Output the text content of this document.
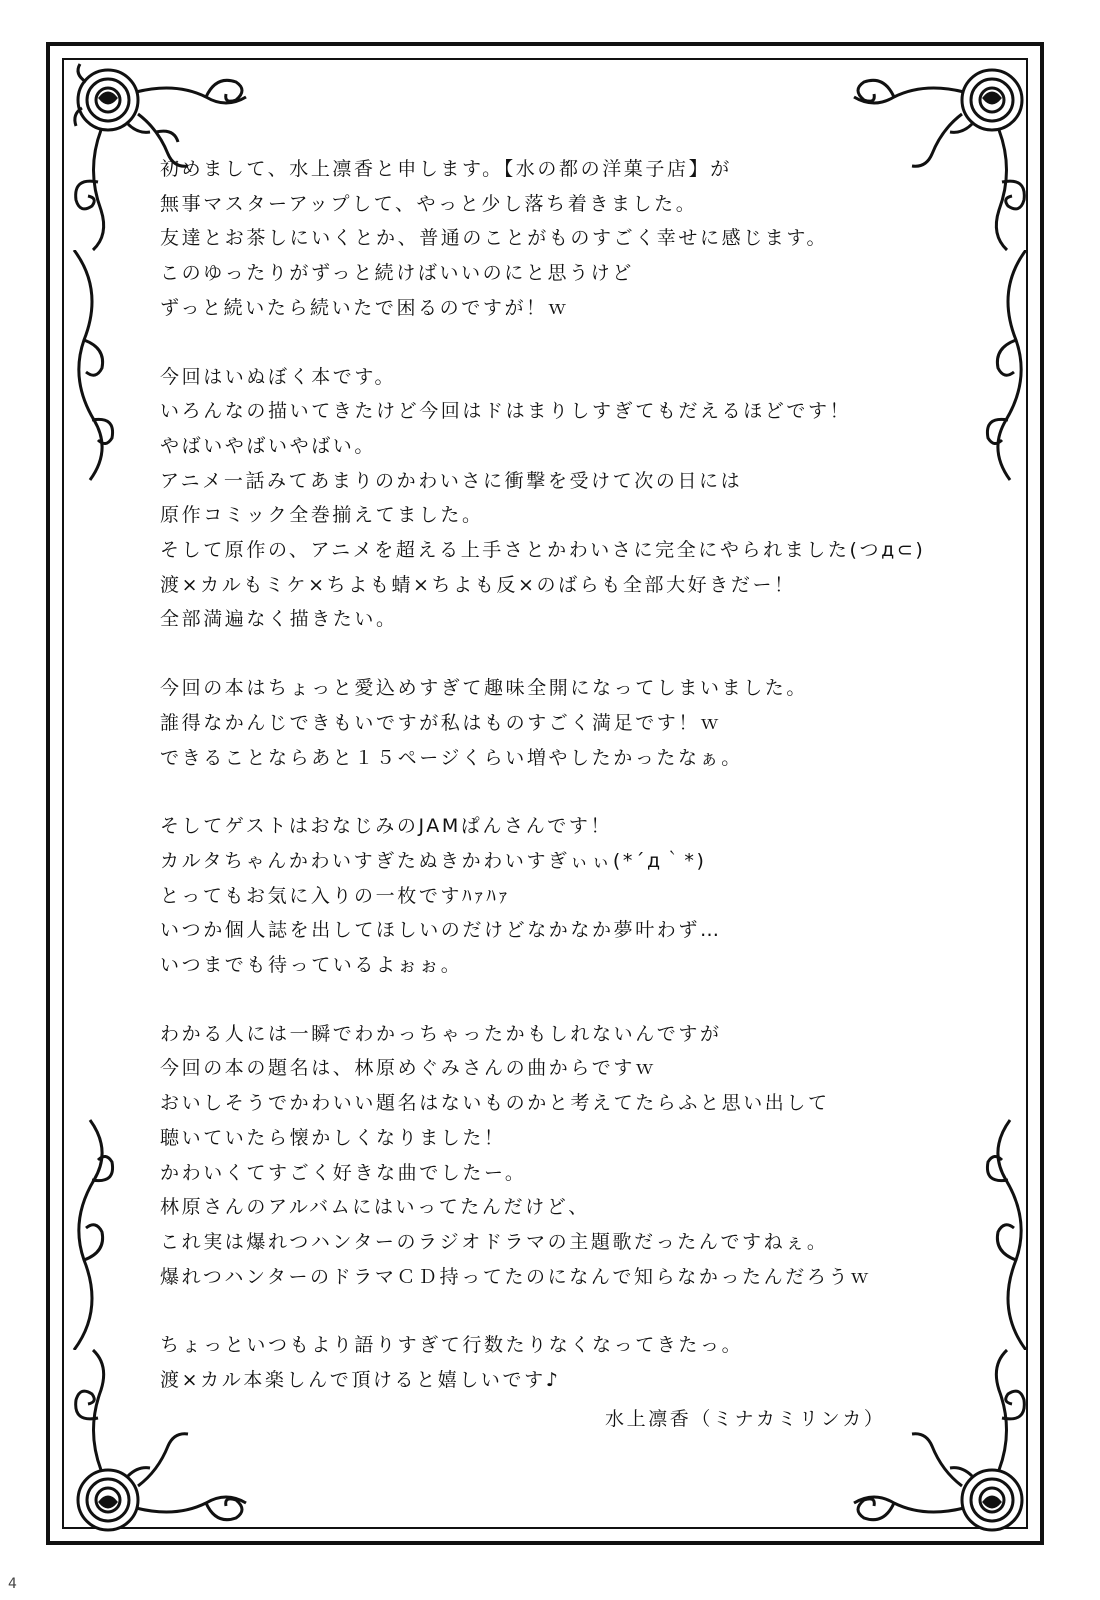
初めまして、水上凛香と申します。【水の都の洋菓子店】が
無事マスターアップして、やっと少し落ち着きました。
友達とお茶しにいくとか、普通のことがものすごく幸せに感じます。
このゆったりがずっと続けばいいのにと思うけど
ずっと続いたら続いたで困るのですが！ｗ
今回はいぬぼく本です。
いろんなの描いてきたけど今回はドはまりしすぎてもだえるほどです！
やばいやばいやばい。
アニメ一話みてあまりのかわいさに衝撃を受けて次の日には
原作コミック全巻揃えてました。
そして原作の、アニメを超える上手さとかわいさに完全にやられました(つд⊂)
渡×カルもミケ×ちよも蜻×ちよも反×のばらも全部大好きだー！
全部満遍なく描きたい。
今回の本はちょっと愛込めすぎて趣味全開になってしまいました。
誰得なかんじできもいですが私はものすごく満足です！ｗ
できることならあと１５ページくらい増やしたかったなぁ。
そしてゲストはおなじみのJAMぱんさんです！
カルタちゃんかわいすぎたぬきかわいすぎぃぃ(*´д｀*)
とってもお気に入りの一枚ですﾊｧﾊｧ
いつか個人誌を出してほしいのだけどなかなか夢叶わず…
いつまでも待っているよぉぉ。
わかる人には一瞬でわかっちゃったかもしれないんですが
今回の本の題名は、林原めぐみさんの曲からですｗ
おいしそうでかわいい題名はないものかと考えてたらふと思い出して
聴いていたら懐かしくなりました！
かわいくてすごく好きな曲でしたー。
林原さんのアルバムにはいってたんだけど、
これ実は爆れつハンターのラジオドラマの主題歌だったんですねぇ。
爆れつハンターのドラマＣＤ持ってたのになんで知らなかったんだろうｗ
ちょっといつもより語りすぎて行数たりなくなってきたっ。
渡×カル本楽しんで頂けると嬉しいです♪
水上凛香（ミナカミリンカ）
4
